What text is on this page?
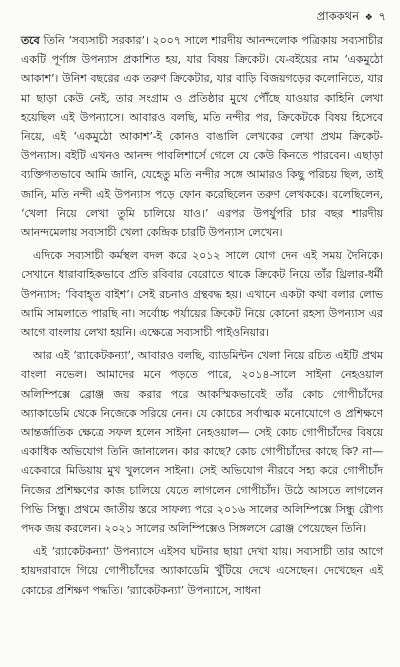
প্রাককথন ❖ ৭

তবে তিনি ‘সব্যসাচী সরকার’। ২০০৭ সালে শারদীয় আনন্দলোক পত্রিকায় সব্যসাচীর একটি পূর্ণাঙ্গ উপন্যাস প্রকাশিত হয়, যার বিষয় ক্রিকেট। যে-বইয়ের নাম ‘একমুঠো আকাশ’। উনিশ বছরের এক তরুণ ক্রিকেটার, যার বাড়ি বিজয়গড়ের কলোনিতে, যার মা ছাড়া কেউ নেই, তার সংগ্রাম ও প্রতিষ্ঠার মুখে পৌঁছে যাওয়ার কাহিনি লেখা হয়েছিল এই উপন্যাসে। আবারও বলছি, মতি নন্দীর পর, ক্রিকেটকে বিষয় হিসেবে নিয়ে, এই ‘একমুঠো আকাশ’-ই কোনও বাঙালি লেখকের লেখা প্রথম ক্রিকেট-উপন্যাস। বইটি এখনও আনন্দ পাবলিশার্সে গেলে যে কেউ কিনতে পারবেন। এছাড়া ব্যক্তিগতভাবে আমি জানি, যেহেতু মতি নন্দীর সঙ্গে আমারও কিছু পরিচয় ছিল, তাই জানি, মতি নন্দী এই উপন্যাস পড়ে ফোন করেছিলেন তরুণ লেখককে। বলেছিলেন, ‘খেলা নিয়ে লেখা তুমি চালিয়ে যাও।’ এরপর উপর্যুপরি চার বছর শারদীয় আনন্দমেলায় সব্যসাচী খেলা কেন্দ্রিক চারটি উপন্যাস লেখেন।

এদিকে সব্যসাচী কর্মস্থল বদল করে ২০১২ সালে যোগ দেন এই সময় দৈনিকে। সেখানে ধারাবাহিকভাবে প্রতি রবিবার বেরোতে থাকে ক্রিকেট নিয়ে তাঁর থ্রিলার-ধর্মী উপন্যাস: ‘বিবাহ্‌ত বাইশ’। সেই রচনাও গ্রন্থবদ্ধ হয়। এখানে একটা কথা বলার লোভ আমি সামলাতে পারছি না। সর্বোচ্চ পর্যায়ের ক্রিকেট নিয়ে কোনো রহস্য উপন্যাস এর আগে বাংলায় লেখা হয়নি। এক্ষেত্রে সব্যসাচী পাইওনিয়ার।

আর এই ‘র‍্যাকেটকন্যা’, আবারও বলছি, ব্যাডমিন্টন খেলা নিয়ে রচিত এইটি প্রথম বাংলা নভেল। আমাদের মনে পড়তে পারে, ২০১৪-সালে সাইনা নেহওয়াল অলিম্পিক্সে ব্রোঞ্জ জয় করার পরে আকস্মিকভাবেই তাঁর কোচ গোপীচাঁদের অ্যাকাডেমি থেকে নিজেকে সরিয়ে নেন। যে কোচের সর্বাত্মক মনোযোগে ও প্রশিক্ষণে আন্তর্জাতিক ক্ষেত্রে সফল হলেন সাইনা নেহওয়াল— সেই কোচ গোপীচাঁদের বিষয়ে একাধিক অভিযোগ তিনি জানালেন। কার কাছে? কোচ গোপীচাঁদের কাছে কি? না—একেবারে মিডিয়ায় মুখ খুললেন সাইনা। সেই অভিযোগ নীরবে সহ্য করে গোপীচাঁদ নিজের প্রশিক্ষণের কাজ চালিয়ে যেতে লাগলেন গোপীচাঁদ। উঠে আসতে লাগলেন পিভি সিন্ধু। প্রথমে জাতীয় স্তরে সাফল্য পরে ২০১৬ সালের অলিম্পিক্সে সিন্ধু রৌপ্য পদক জয় করলেন। ২০২১ সালের অলিম্পিক্সেও সিঙ্গলসে ব্রোঞ্জ পেয়েছেন তিনি।

এই ‘র‍্যাকেটকন্যা’ উপন্যাসে এইসব ঘটনার ছায়া দেখা যায়। সব্যসাচী তার আগে হায়দরাবাদে গিয়ে গোপীচাঁদের অ্যাকাডেমি খুঁটিয়ে দেখে এসেছেন। দেখেছেন এই কোচের প্রশিক্ষণ পদ্ধতি। ‘র‍্যাকেটকন্যা’ উপন্যাসে, সাধনা
